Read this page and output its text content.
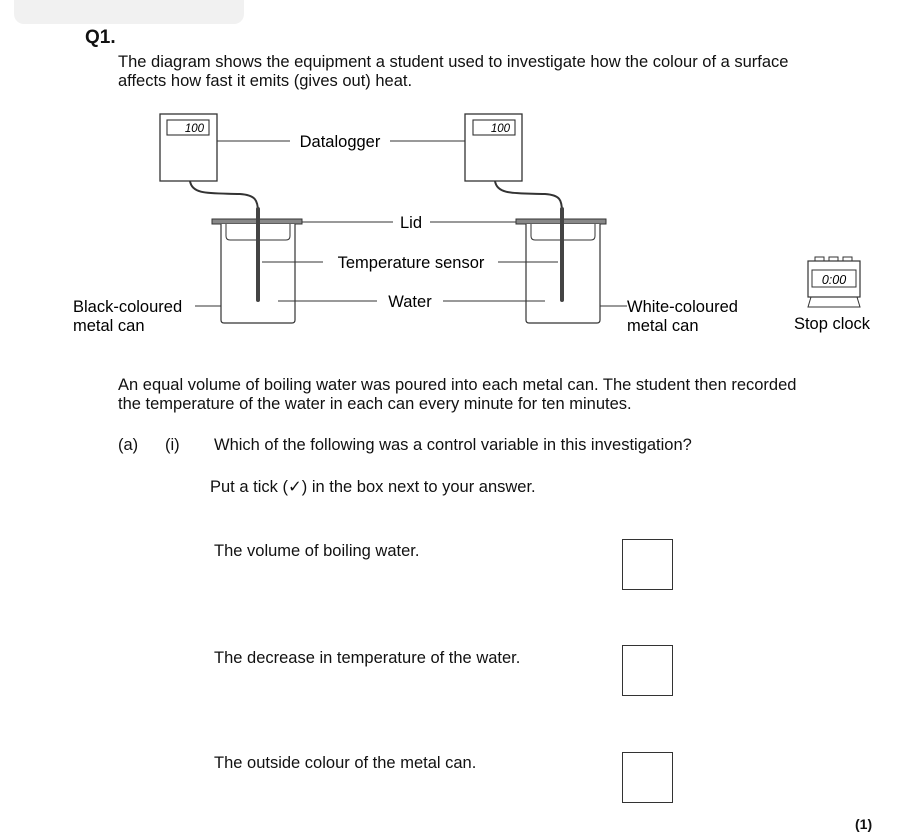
Q1.
The diagram shows the equipment a student used to investigate how the colour of a surface affects how fast it emits (gives out) heat.
100	100
Datalogger
Lid
Temperature sensor
Water
Black-coloured
metal can
White-coloured
metal can
0:00
Stop clock
An equal volume of boiling water was poured into each metal can. The student then recorded the temperature of the water in each can every minute for ten minutes.
(a) (i) Which of the following was a control variable in this investigation?
Put a tick (✓) in the box next to your answer.
The volume of boiling water.
The decrease in temperature of the water.
The outside colour of the metal can.
(1)
